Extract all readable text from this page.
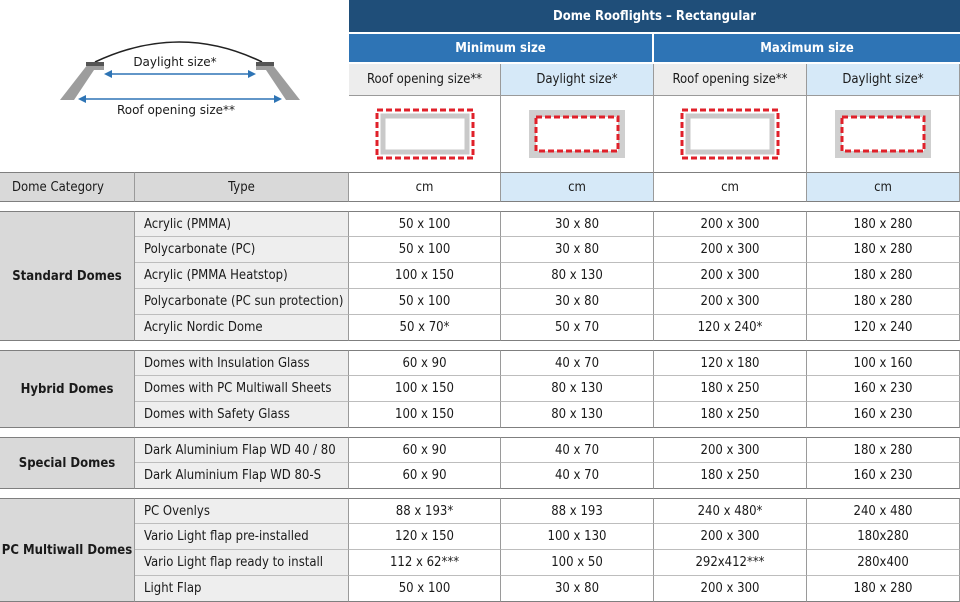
		Dome Rooflights – Rectangular			
		Minimum size		Maximum size	
		Roof opening size**	Daylight size*	Roof opening size**	Daylight size*

Dome Category	Type	cm	cm	cm	cm

Standard Domes	Acrylic (PMMA)	50 x 100	30 x 80	200 x 300	180 x 280
	Polycarbonate (PC)	50 x 100	30 x 80	200 x 300	180 x 280
	Acrylic (PMMA Heatstop)	100 x 150	80 x 130	200 x 300	180 x 280
	Polycarbonate (PC sun protection)	50 x 100	30 x 80	200 x 300	180 x 280
	Acrylic Nordic Dome	50 x 70*	50 x 70	120 x 240*	120 x 240

Hybrid Domes	Domes with Insulation Glass	60 x 90	40 x 70	120 x 180	100 x 160
	Domes with PC Multiwall Sheets	100 x 150	80 x 130	180 x 250	160 x 230
	Domes with Safety Glass	100 x 150	80 x 130	180 x 250	160 x 230

Special Domes	Dark Aluminium Flap WD 40 / 80	60 x 90	40 x 70	200 x 300	180 x 280
	Dark Aluminium Flap WD 80-S	60 x 90	40 x 70	180 x 250	160 x 230

PC Multiwall Domes	PC Ovenlys	88 x 193*	88 x 193	240 x 480*	240 x 480
	Vario Light flap pre-installed	120 x 150	100 x 130	200 x 300	180x280
	Vario Light flap ready to install	112 x 62***	100 x 50	292x412***	280x400
	Light Flap	50 x 100	30 x 80	200 x 300	180 x 280
Daylight size*
Roof opening size**
